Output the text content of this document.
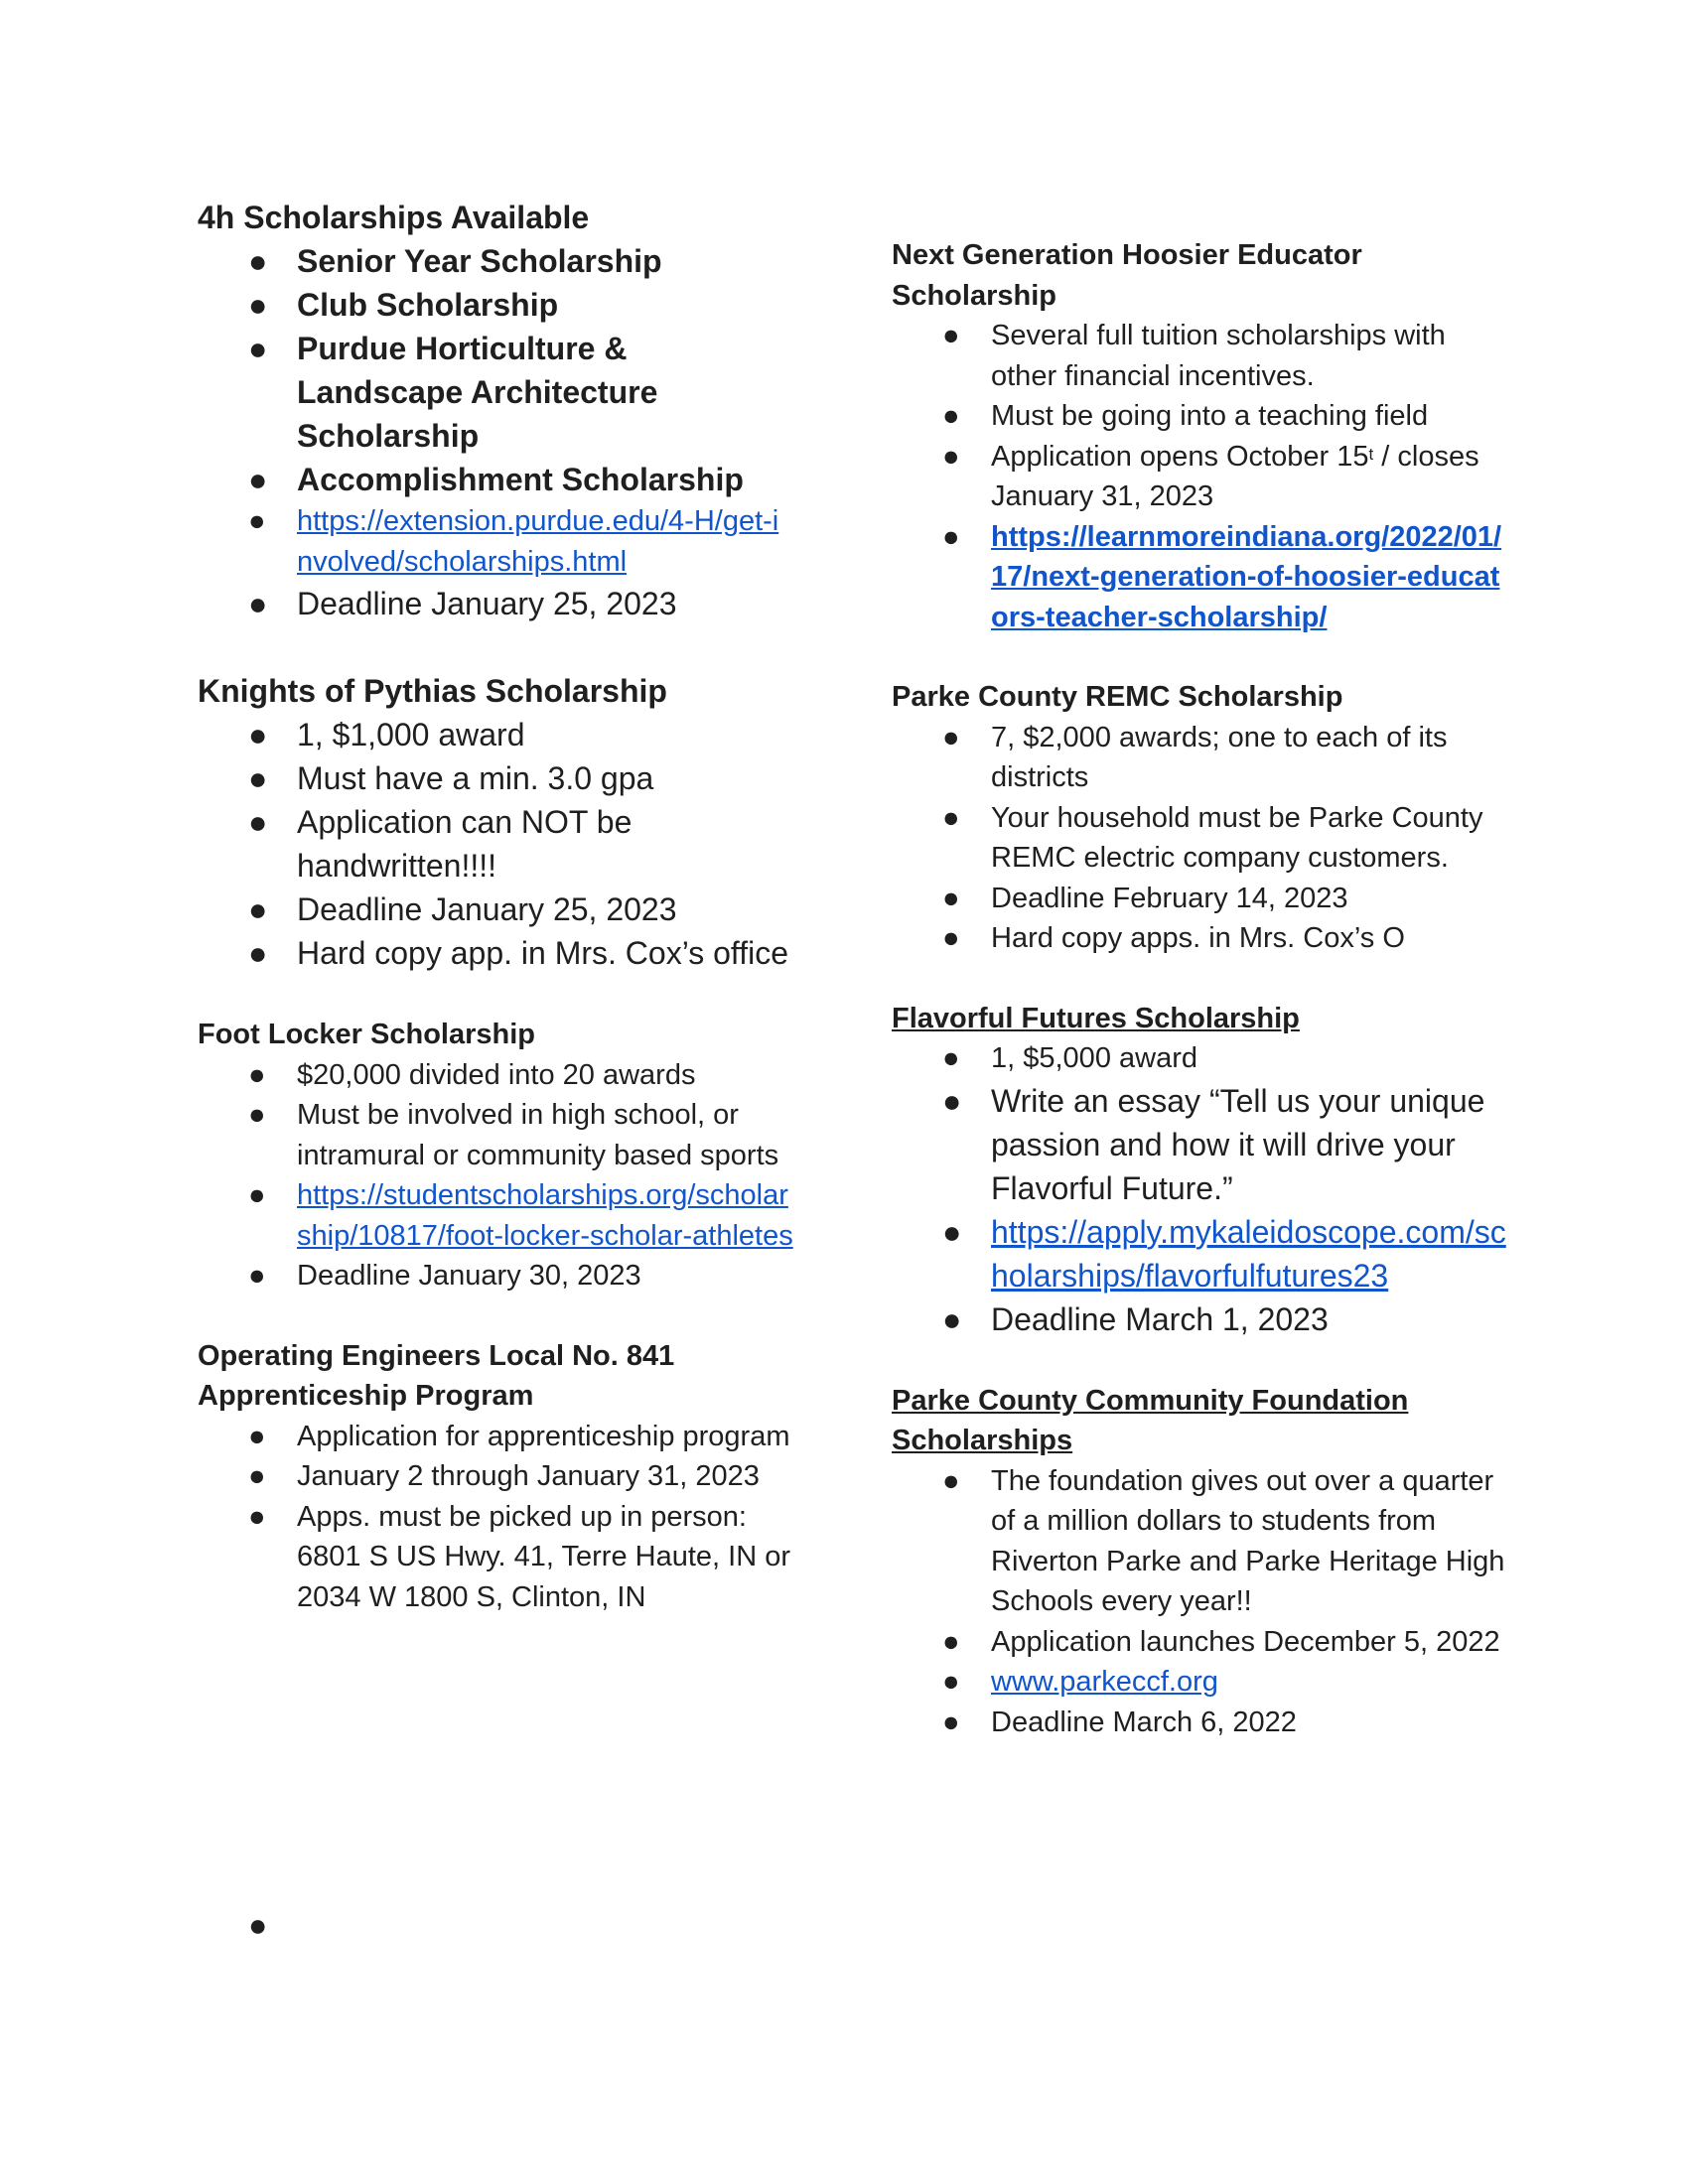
4h Scholarships Available

● Senior Year Scholarship
● Club Scholarship
● Purdue Horticulture & Landscape Architecture Scholarship
● Accomplishment Scholarship
● https://extension.purdue.edu/4-H/get-involved/scholarships.html
● Deadline January 25, 2023

Knights of Pythias Scholarship

● 1, $1,000 award
● Must have a min. 3.0 gpa
● Application can NOT be handwritten!!!!
● Deadline January 25, 2023
● Hard copy app. in Mrs. Cox’s office

Foot Locker Scholarship

● $20,000 divided into 20 awards
● Must be involved in high school, or intramural or community based sports
● https://studentscholarships.org/scholarship/10817/foot-locker-scholar-athletes
● Deadline January 30, 2023

Operating Engineers Local No. 841 Apprenticeship Program

● Application for apprenticeship program
● January 2 through January 31, 2023
● Apps. must be picked up in person: 6801 S US Hwy. 41, Terre Haute, IN or 2034 W 1800 S, Clinton, IN

Next Generation Hoosier Educator Scholarship

● Several full tuition scholarships with other financial incentives.
● Must be going into a teaching field
● Application opens October 15$^t$ / closes January 31, 2023
● https://learnmoreindiana.org/2022/01/17/next-generation-of-hoosier-educators-teacher-scholarship/

Parke County REMC Scholarship

● 7, $2,000 awards; one to each of its districts
● Your household must be Parke County REMC electric company customers.
● Deadline February 14, 2023
● Hard copy apps. in Mrs. Cox’s O

Flavorful Futures Scholarship

● 1, $5,000 award
● Write an essay “Tell us your unique passion and how it will drive your Flavorful Future.”
● https://apply.mykaleidoscope.com/scholarships/flavorfulfutures23
● Deadline March 1, 2023

Parke County Community Foundation Scholarships

● The foundation gives out over a quarter of a million dollars to students from Riverton Parke and Parke Heritage High Schools every year!!
● Application launches December 5, 2022
● www.parkeccf.org
● Deadline March 6, 2022
●
